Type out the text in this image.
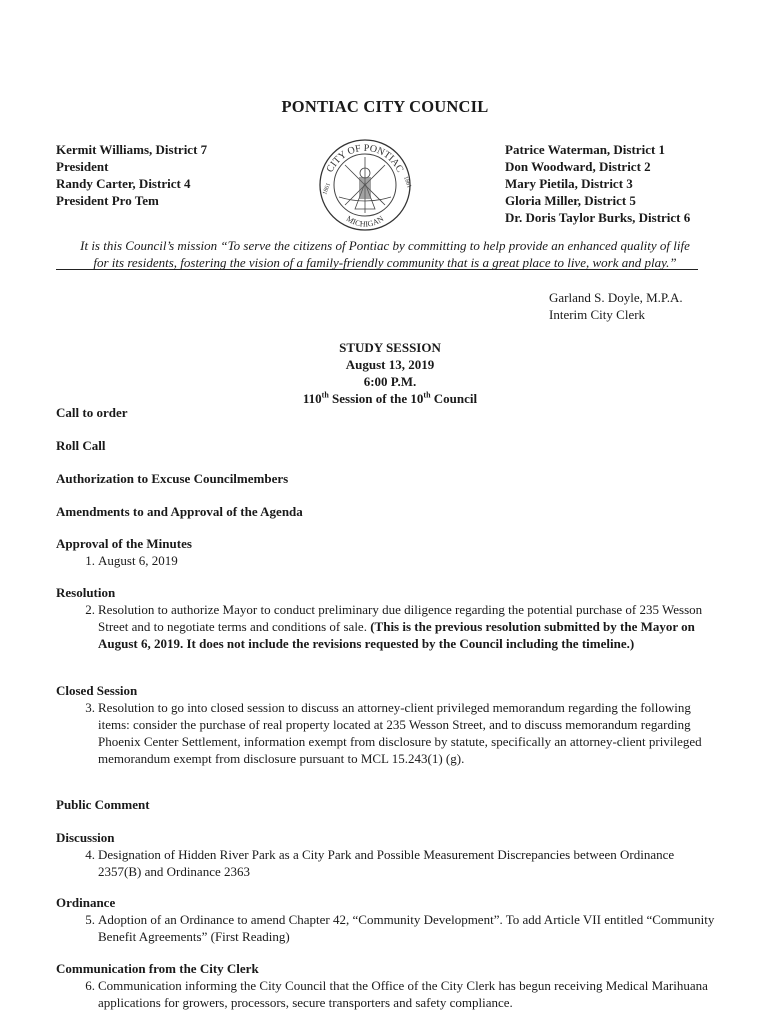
PONTIAC CITY COUNCIL
Kermit Williams, District 7
President
Randy Carter, District 4
President Pro Tem
CITY OF PONTIAC
MICHIGAN
1861
1861
Patrice Waterman, District 1
Don Woodward, District 2
Mary Pietila, District 3
Gloria Miller, District 5
Dr. Doris Taylor Burks, District 6
It is this Council’s mission “To serve the citizens of Pontiac by committing to help provide an enhanced quality of life
for its residents, fostering the vision of a family-friendly community that is a great place to live, work and play.”
Garland S. Doyle, M.P.A.
Interim City Clerk
STUDY SESSION
August 13, 2019
6:00 P.M.
110th Session of the 10th Council
Call to order
Roll Call
Authorization to Excuse Councilmembers
Amendments to and Approval of the Agenda
Approval of the Minutes
1. August 6, 2019
Resolution
2. Resolution to authorize Mayor to conduct preliminary due diligence regarding the potential purchase of 235 Wesson Street and to negotiate terms and conditions of sale. (This is the previous resolution submitted by the Mayor on August 6, 2019. It does not include the revisions requested by the Council including the timeline.)
Closed Session
3. Resolution to go into closed session to discuss an attorney-client privileged memorandum regarding the following items: consider the purchase of real property located at 235 Wesson Street, and to discuss memorandum regarding Phoenix Center Settlement, information exempt from disclosure by statute, specifically an attorney-client privileged memorandum exempt from disclosure pursuant to MCL 15.243(1) (g).
Public Comment
Discussion
4. Designation of Hidden River Park as a City Park and Possible Measurement Discrepancies between Ordinance 2357(B) and Ordinance 2363
Ordinance
5. Adoption of an Ordinance to amend Chapter 42, “Community Development”. To add Article VII entitled “Community Benefit Agreements” (First Reading)
Communication from the City Clerk
6. Communication informing the City Council that the Office of the City Clerk has begun receiving Medical Marihuana applications for growers, processors, secure transporters and safety compliance.
